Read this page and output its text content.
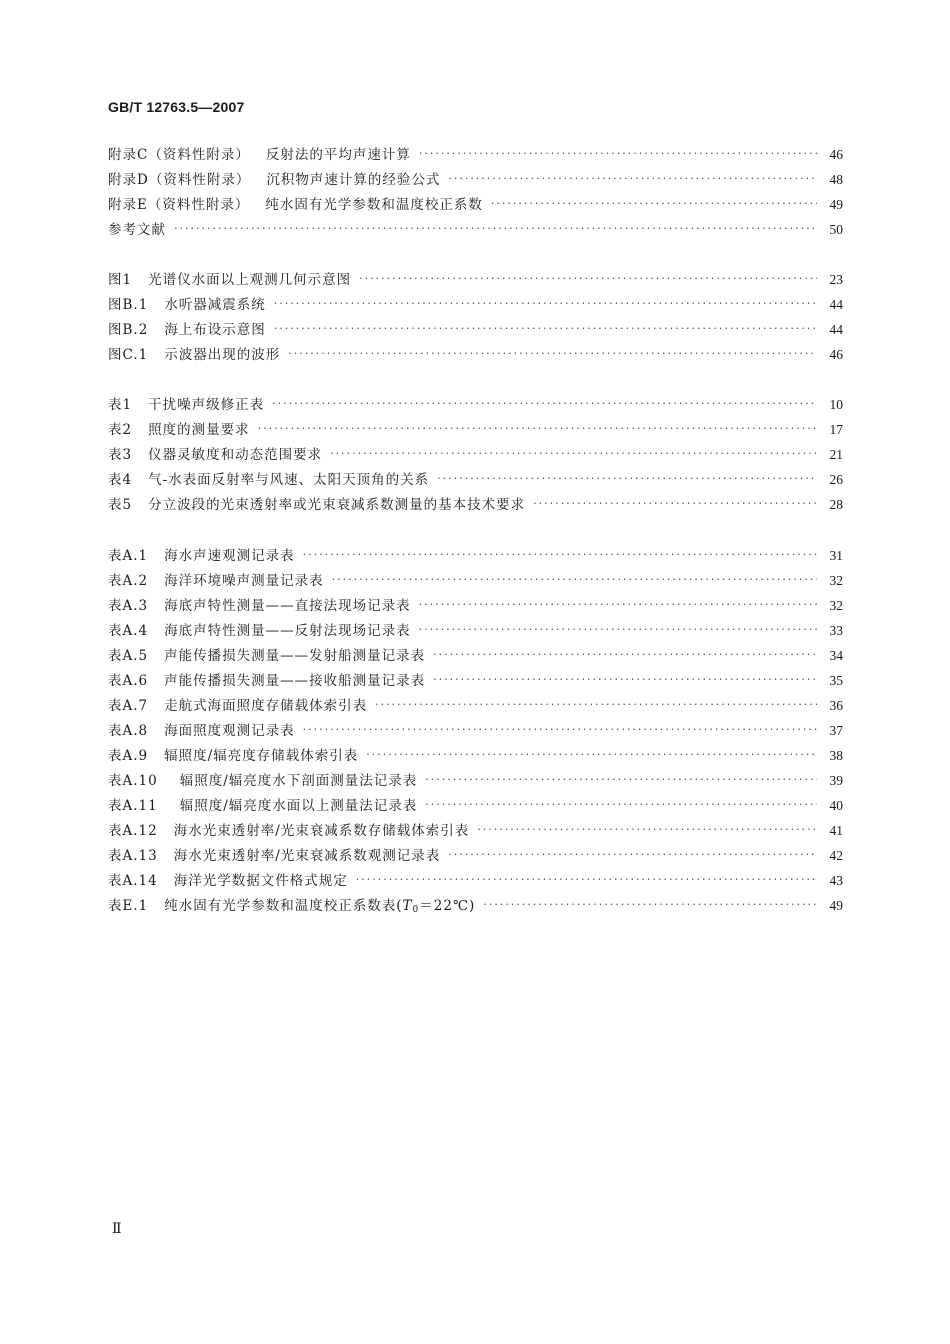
GB/T 12763.5—2007
附录C（资料性附录） 反射法的平均声速计算 ·····	46
附录D（资料性附录） 沉积物声速计算的经验公式 ·····	48
附录E（资料性附录） 纯水固有光学参数和温度校正系数 ·····	49
参考文献 ·····	50
图1 光谱仪水面以上观测几何示意图 ·····	23
图B.1 水听器减震系统 ·····	44
图B.2 海上布设示意图 ·····	44
图C.1 示波器出现的波形 ·····	46
表1 干扰噪声级修正表 ·····	10
表2 照度的测量要求 ·····	17
表3 仪器灵敏度和动态范围要求 ·····	21
表4 气-水表面反射率与风速、太阳天顶角的关系 ·····	26
表5 分立波段的光束透射率或光束衰减系数测量的基本技术要求 ·····	28
表A.1 海水声速观测记录表 ·····	31
表A.2 海洋环境噪声测量记录表 ·····	32
表A.3 海底声特性测量——直接法现场记录表 ·····	32
表A.4 海底声特性测量——反射法现场记录表 ·····	33
表A.5 声能传播损失测量——发射船测量记录表 ·····	34
表A.6 声能传播损失测量——接收船测量记录表 ·····	35
表A.7 走航式海面照度存储载体索引表 ·····	36
表A.8 海面照度观测记录表 ·····	37
表A.9 辐照度/辐亮度存储载体索引表 ·····	38
表A.10 辐照度/辐亮度水下剖面测量法记录表 ·····	39
表A.11 辐照度/辐亮度水面以上测量法记录表 ·····	40
表A.12 海水光束透射率/光束衰减系数存储载体索引表 ·····	41
表A.13 海水光束透射率/光束衰减系数观测记录表 ·····	42
表A.14 海洋光学数据文件格式规定 ·····	43
表E.1 纯水固有光学参数和温度校正系数表$(T_0=22℃)$ ·····	49
Ⅱ
